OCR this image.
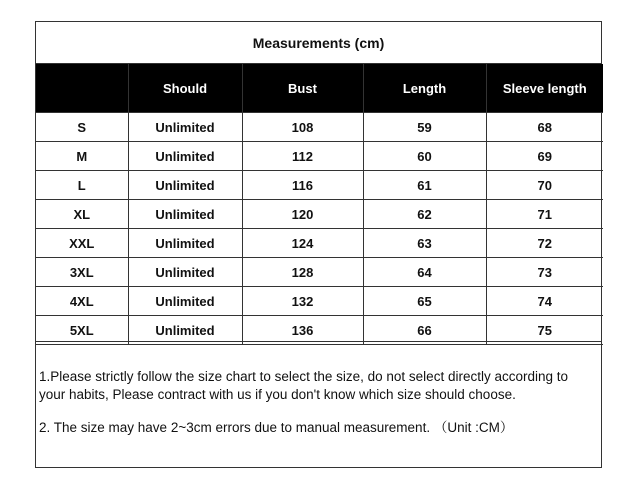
Measurements (cm)
	Should	Bust	Length	Sleeve length
S	Unlimited	108	59	68
M	Unlimited	112	60	69
L	Unlimited	116	61	70
XL	Unlimited	120	62	71
XXL	Unlimited	124	63	72
3XL	Unlimited	128	64	73
4XL	Unlimited	132	65	74
5XL	Unlimited	136	66	75

1.Please strictly follow the size chart to select the size, do not select directly according to your habits, Please contract with us if you don't know which size should choose.

2. The size may have 2~3cm errors due to manual measurement. （Unit :CM）
